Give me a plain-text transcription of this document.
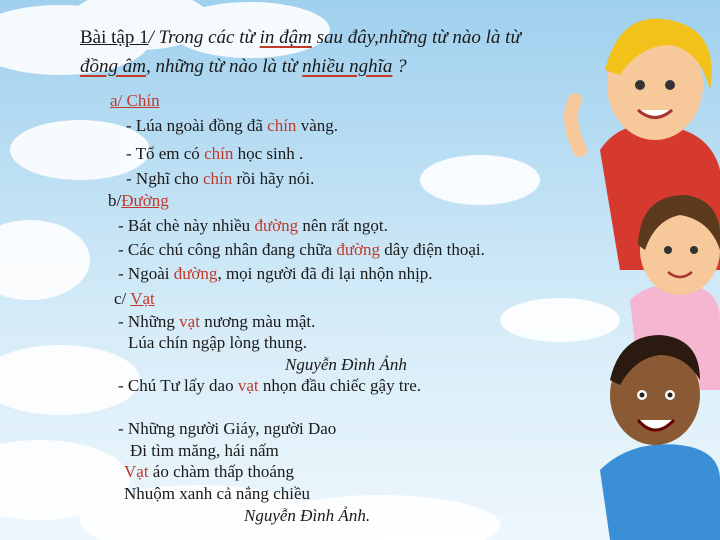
Bài tập 1/ Trong các từ in đậm sau đây,những từ nào là từ
đồng âm, những từ nào là từ nhiều nghĩa ?
a/ Chín
- Lúa ngoài đồng đã chín vàng.
- Tổ em có chín học sinh .
- Nghĩ cho chín rồi hãy nói.
b/Đường
- Bát chè này nhiều đường nên rất ngọt.
- Các chú công nhân đang chữa đường dây điện thoại.
- Ngoài đường, mọi người đã đi lại nhộn nhịp.
c/ Vạt
- Những vạt nương màu mật.
Lúa chín ngập lòng thung.
Nguyễn Đình Ảnh
- Chú Tư lấy dao vạt nhọn đầu chiếc gậy tre.
- Những người Giáy, người Dao
Đi tìm măng, hái nấm
Vạt áo chàm thấp thoáng
Nhuộm xanh cả nắng chiều
Nguyễn Đình Ảnh.
